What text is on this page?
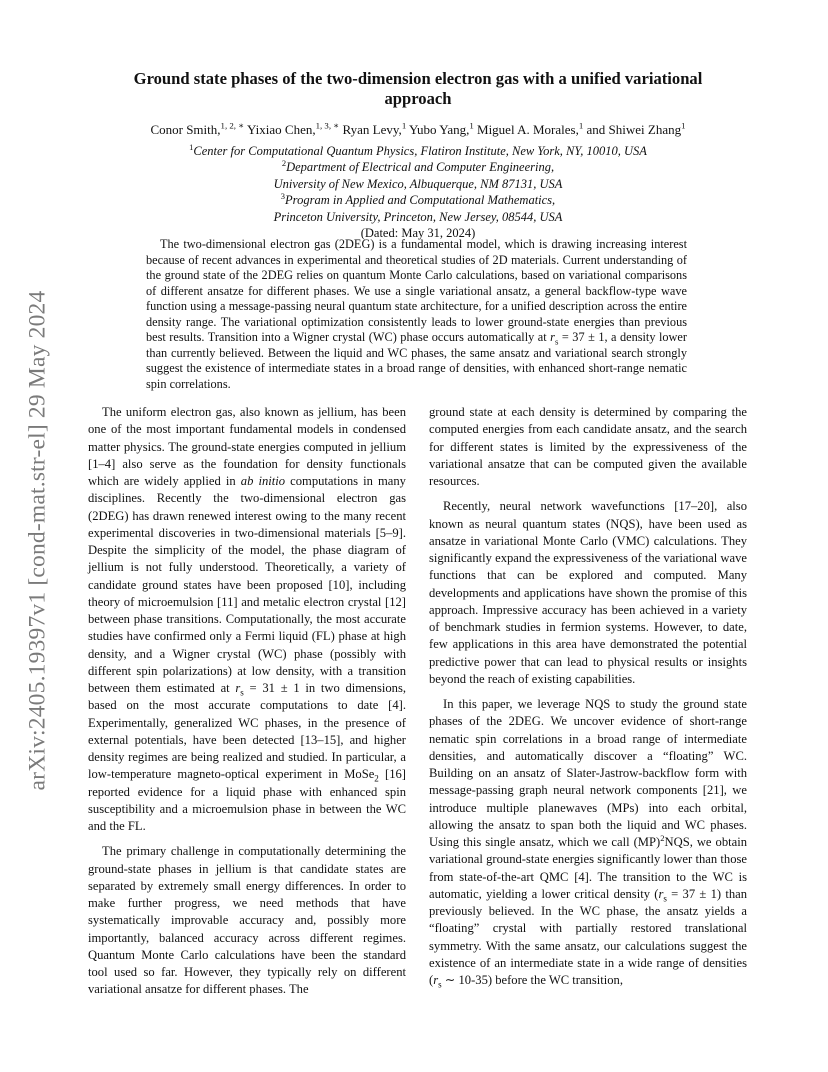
arXiv:2405.19397v1 [cond-mat.str-el] 29 May 2024
Ground state phases of the two-dimension electron gas with a unified variational
approach
Conor Smith,$^{1, 2, ∗}$ Yixiao Chen,$^{1, 3, ∗}$ Ryan Levy,$^1$ Yubo Yang,$^1$ Miguel A. Morales,$^1$ and Shiwei Zhang$^1$
$^1$Center for Computational Quantum Physics, Flatiron Institute, New York, NY, 10010, USA
$^2$Department of Electrical and Computer Engineering,
University of New Mexico, Albuquerque, NM 87131, USA
$^3$Program in Applied and Computational Mathematics,
Princeton University, Princeton, New Jersey, 08544, USA
(Dated: May 31, 2024)

The two-dimensional electron gas (2DEG) is a fundamental model, which is drawing increasing interest because of recent advances in experimental and theoretical studies of 2D materials. Current understanding of the ground state of the 2DEG relies on quantum Monte Carlo calculations, based on variational comparisons of different ansatze for different phases. We use a single variational ansatz, a general backflow-type wave function using a message-passing neural quantum state architecture, for a unified description across the entire density range. The variational optimization consistently leads to lower ground-state energies than previous best results. Transition into a Wigner crystal (WC) phase occurs automatically at $r_s = 37 \pm 1$, a density lower than currently believed. Between the liquid and WC phases, the same ansatz and variational search strongly suggest the existence of intermediate states in a broad range of densities, with enhanced short-range nematic spin correlations.

The uniform electron gas, also known as jellium, has been one of the most important fundamental models in condensed matter physics. The ground-state energies computed in jellium [1–4] also serve as the foundation for density functionals which are widely applied in ab initio computations in many disciplines. Recently the two-dimensional electron gas (2DEG) has drawn renewed interest owing to the many recent experimental discoveries in two-dimensional materials [5–9]. Despite the simplicity of the model, the phase diagram of jellium is not fully understood. Theoretically, a variety of candidate ground states have been proposed [10], including theory of microemulsion [11] and metalic electron crystal [12] between phase transitions. Computationally, the most accurate studies have confirmed only a Fermi liquid (FL) phase at high density, and a Wigner crystal (WC) phase (possibly with different spin polarizations) at low density, with a transition between them estimated at $r_s = 31 \pm 1$ in two dimensions, based on the most accurate computations to date [4]. Experimentally, generalized WC phases, in the presence of external potentials, have been detected [13–15], and higher density regimes are being realized and studied. In particular, a low-temperature magneto-optical experiment in MoSe$_2$ [16] reported evidence for a liquid phase with enhanced spin susceptibility and a microemulsion phase in between the WC and the FL.

The primary challenge in computationally determining the ground-state phases in jellium is that candidate states are separated by extremely small energy differences. In order to make further progress, we need methods that have systematically improvable accuracy and, possibly more importantly, balanced accuracy across different regimes. Quantum Monte Carlo calculations have been the standard tool used so far. However, they typically rely on different variational ansatze for different phases. The

ground state at each density is determined by comparing the computed energies from each candidate ansatz, and the search for different states is limited by the expressiveness of the variational ansatze that can be computed given the available resources.

Recently, neural network wavefunctions [17–20], also known as neural quantum states (NQS), have been used as ansatze in variational Monte Carlo (VMC) calculations. They significantly expand the expressiveness of the variational wave functions that can be explored and computed. Many developments and applications have shown the promise of this approach. Impressive accuracy has been achieved in a variety of benchmark studies in fermion systems. However, to date, few applications in this area have demonstrated the potential predictive power that can lead to physical results or insights beyond the reach of existing capabilities.

In this paper, we leverage NQS to study the ground state phases of the 2DEG. We uncover evidence of short-range nematic spin correlations in a broad range of intermediate densities, and automatically discover a “floating” WC. Building on an ansatz of Slater-Jastrow-backflow form with message-passing graph neural network components [21], we introduce multiple planewaves (MPs) into each orbital, allowing the ansatz to span both the liquid and WC phases. Using this single ansatz, which we call (MP)$^2$NQS, we obtain variational ground-state energies significantly lower than those from state-of-the-art QMC [4]. The transition to the WC is automatic, yielding a lower critical density $(r_s = 37 \pm 1)$ than previously believed. In the WC phase, the ansatz yields a “floating” crystal with partially restored translational symmetry. With the same ansatz, our calculations suggest the existence of an intermediate state in a wide range of densities ($r_s$ ∼ 10-35) before the WC transition,
